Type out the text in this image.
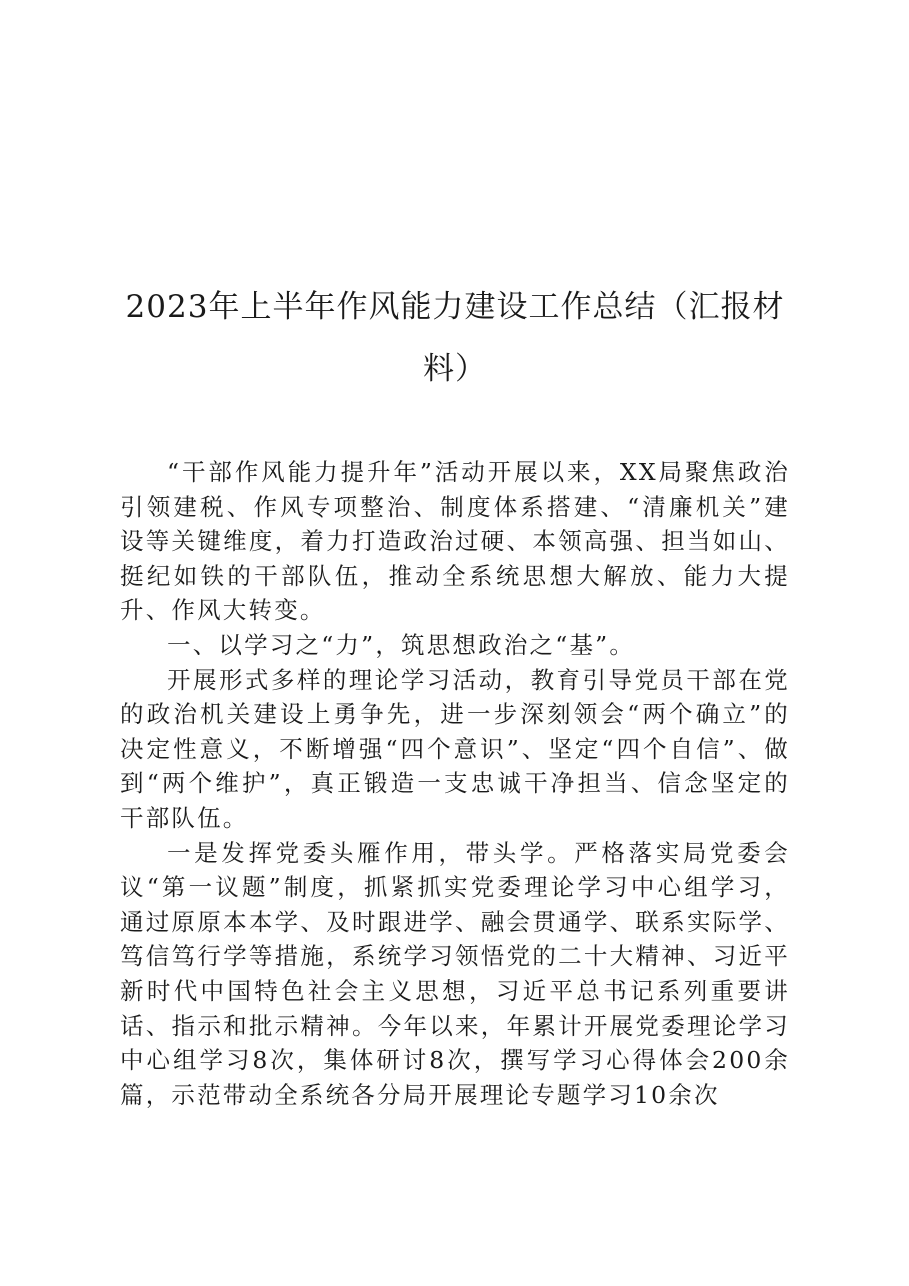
2023年上半年作风能力建设工作总结（汇报材料）

“干部作风能力提升年”活动开展以来，XX局聚焦政治引领建税、作风专项整治、制度体系搭建、“清廉机关”建设等关键维度，着力打造政治过硬、本领高强、担当如山、挺纪如铁的干部队伍，推动全系统思想大解放、能力大提升、作风大转变。

一、以学习之“力”，筑思想政治之“基”。

开展形式多样的理论学习活动，教育引导党员干部在党的政治机关建设上勇争先，进一步深刻领会“两个确立”的决定性意义，不断增强“四个意识”、坚定“四个自信”、做到“两个维护”，真正锻造一支忠诚干净担当、信念坚定的干部队伍。

一是发挥党委头雁作用，带头学。严格落实局党委会议“第一议题”制度，抓紧抓实党委理论学习中心组学习，通过原原本本学、及时跟进学、融会贯通学、联系实际学、笃信笃行学等措施，系统学习领悟党的二十大精神、习近平新时代中国特色社会主义思想，习近平总书记系列重要讲话、指示和批示精神。今年以来，年累计开展党委理论学习中心组学习8次，集体研讨8次，撰写学习心得体会200余篇，示范带动全系统各分局开展理论专题学习10余次
